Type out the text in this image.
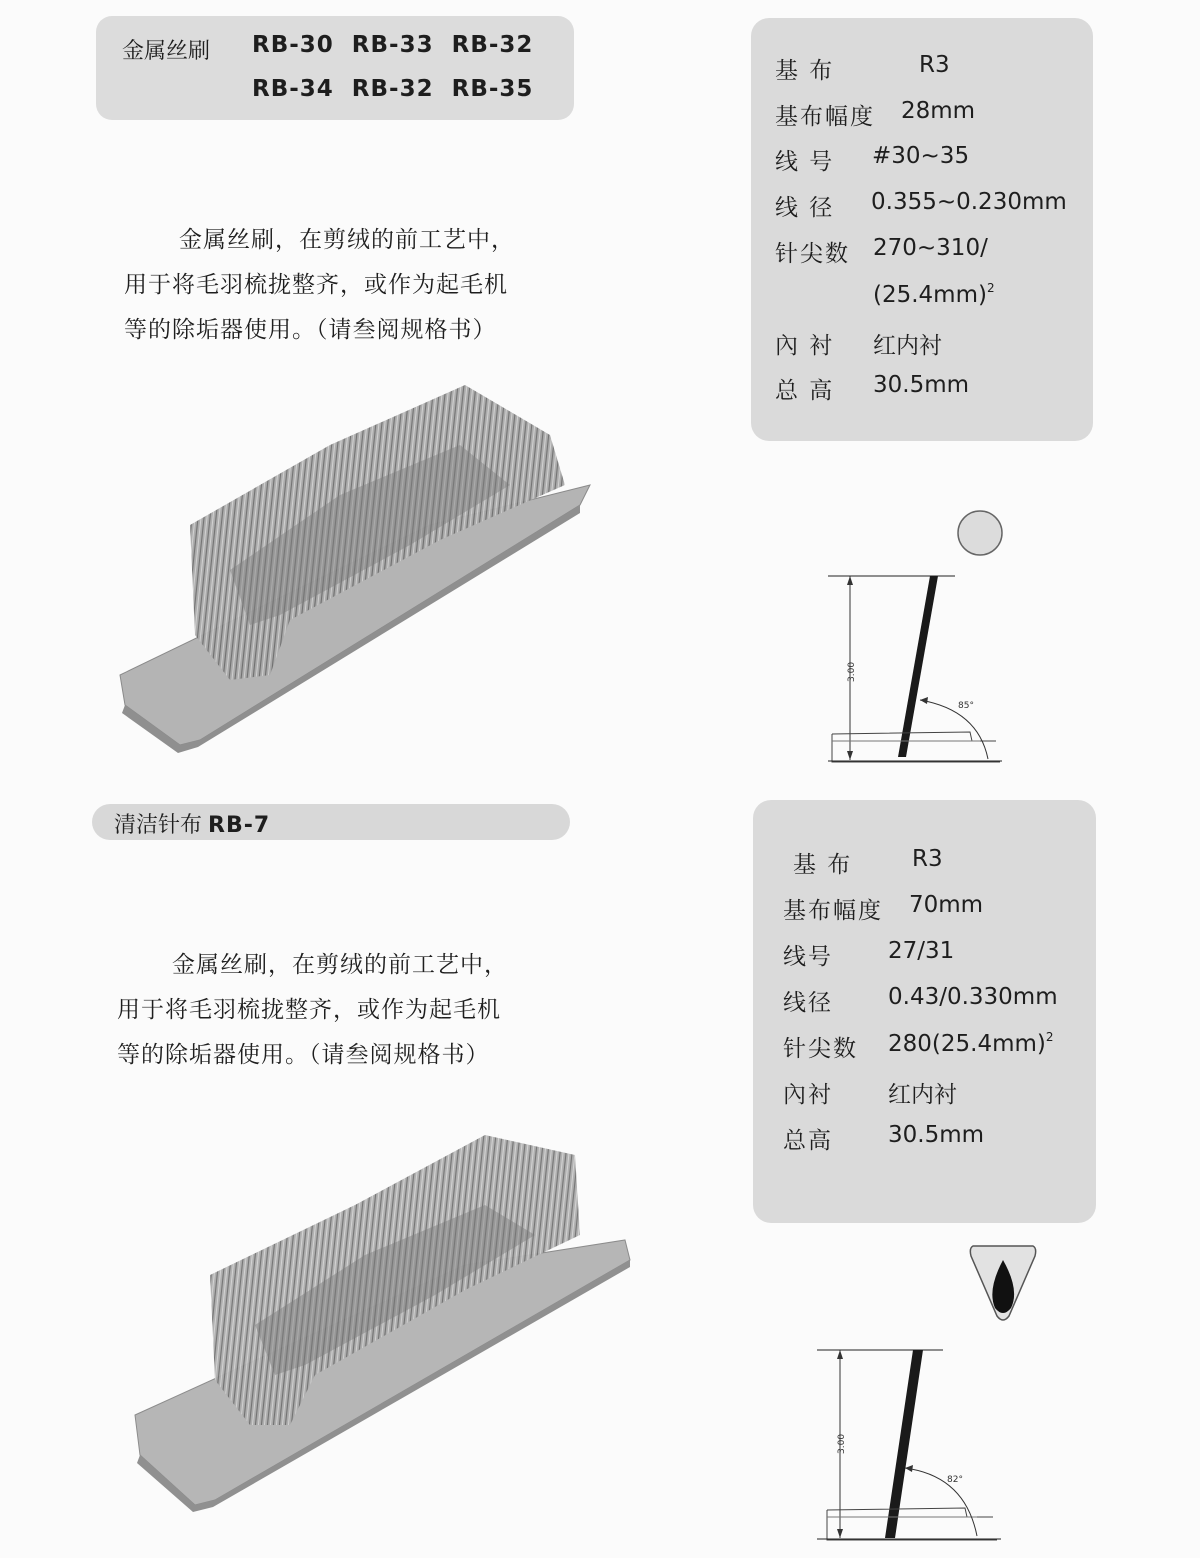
金属丝刷 RB-30  RB-33  RB-32
RB-34  RB-32  RB-35
金属丝刷，在剪绒的前工艺中，
用于将毛羽梳拢整齐，或作为起毛机
等的除垢器使用。（请叁阅规格书）
基 布	R3
基布幅度 28mm
线 号 #30~35
线 径 0.355~0.230mm
针尖数 270~310/
$(25.4mm)^2$
內 衬 红内衬
总 高 30.5mm
3.00
85°
清洁针布 RB-7
金属丝刷，在剪绒的前工艺中，
用于将毛羽梳拢整齐，或作为起毛机
等的除垢器使用。（请叁阅规格书）
基 布	R3
基布幅度 70mm
线号 27/31
线径 0.43/0.330mm
针尖数 $280(25.4mm)^2$
內衬 红内衬
总高 30.5mm
3.00
82°
